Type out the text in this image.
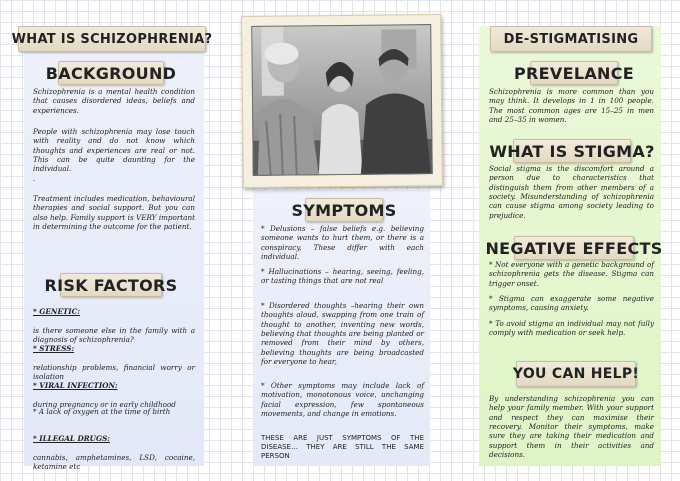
WHAT IS SCHIZOPHRENIA?
BACKGROUND

Schizophrenia is a mental health condition that causes disordered ideas, beliefs and experiences.

People with schizophrenia may lose touch with reality and do not know which thoughts and experiences are real or not. This can be quite daunting for the individual.
.

Treatment includes medication, behavioural therapies and social support. But you can also help. Family support is VERY important in determining the outcome for the patient.

RISK FACTORS

* GENETIC:

is there someone else in the family with a diagnosis of schizophrenia?

* STRESS:

relationship problems, financial worry or isolation

* VIRAL INFECTION:

during pregnancy or in early childhood

* A lack of oxygen at the time of birth

* ILLEGAL DRUGS:

cannabis, amphetamines, LSD, cocaine, ketamine etc

SYMPTOMS

* Delusions – false beliefs e.g. believing someone wants to hurt them, or there is a conspiracy. These differ with each individual.

* Hallucinations – hearing, seeing, feeling, or tasting things that are not real

* Disordered thoughts –hearing their own thoughts aloud, swapping from one train of thought to another, inventing new words, believing that thoughts are being planted or removed from their mind by others, believing thoughts are being broadcasted for everyone to hear,

* Other symptoms may include lack of motivation, monotonous voice, unchanging facial expression, few spontaneous movements, and change in emotions.

THESE ARE JUST SYMPTOMS OF THE DISEASE… THEY ARE STILL THE SAME PERSON

DE-STIGMATISING
PREVELANCE

Schizophrenia is more common than you may think. It develops in 1 in 100 people. The most common ages are 15–25 in men and 25–35 in women.

WHAT IS STIGMA?

Social stigma is the discomfort around a person due to characteristics that distinguish them from other members of a society. Misunderstanding of schizophrenia can cause stigma among society leading to prejudice.

NEGATIVE EFFECTS

* Not everyone with a genetic background of schizophrenia gets the disease. Stigma can trigger onset.

* Stigma can exaggerate some negative symptoms, causing anxiety.

* To avoid stigma an individual may not fully comply with medication or seek help.

YOU CAN HELP!

By understanding schizophrenia you can help your family member. With your support and respect they can maximise their recovery. Monitor their symptoms, make sure they are taking their medication and support them in their activities and decisions.
